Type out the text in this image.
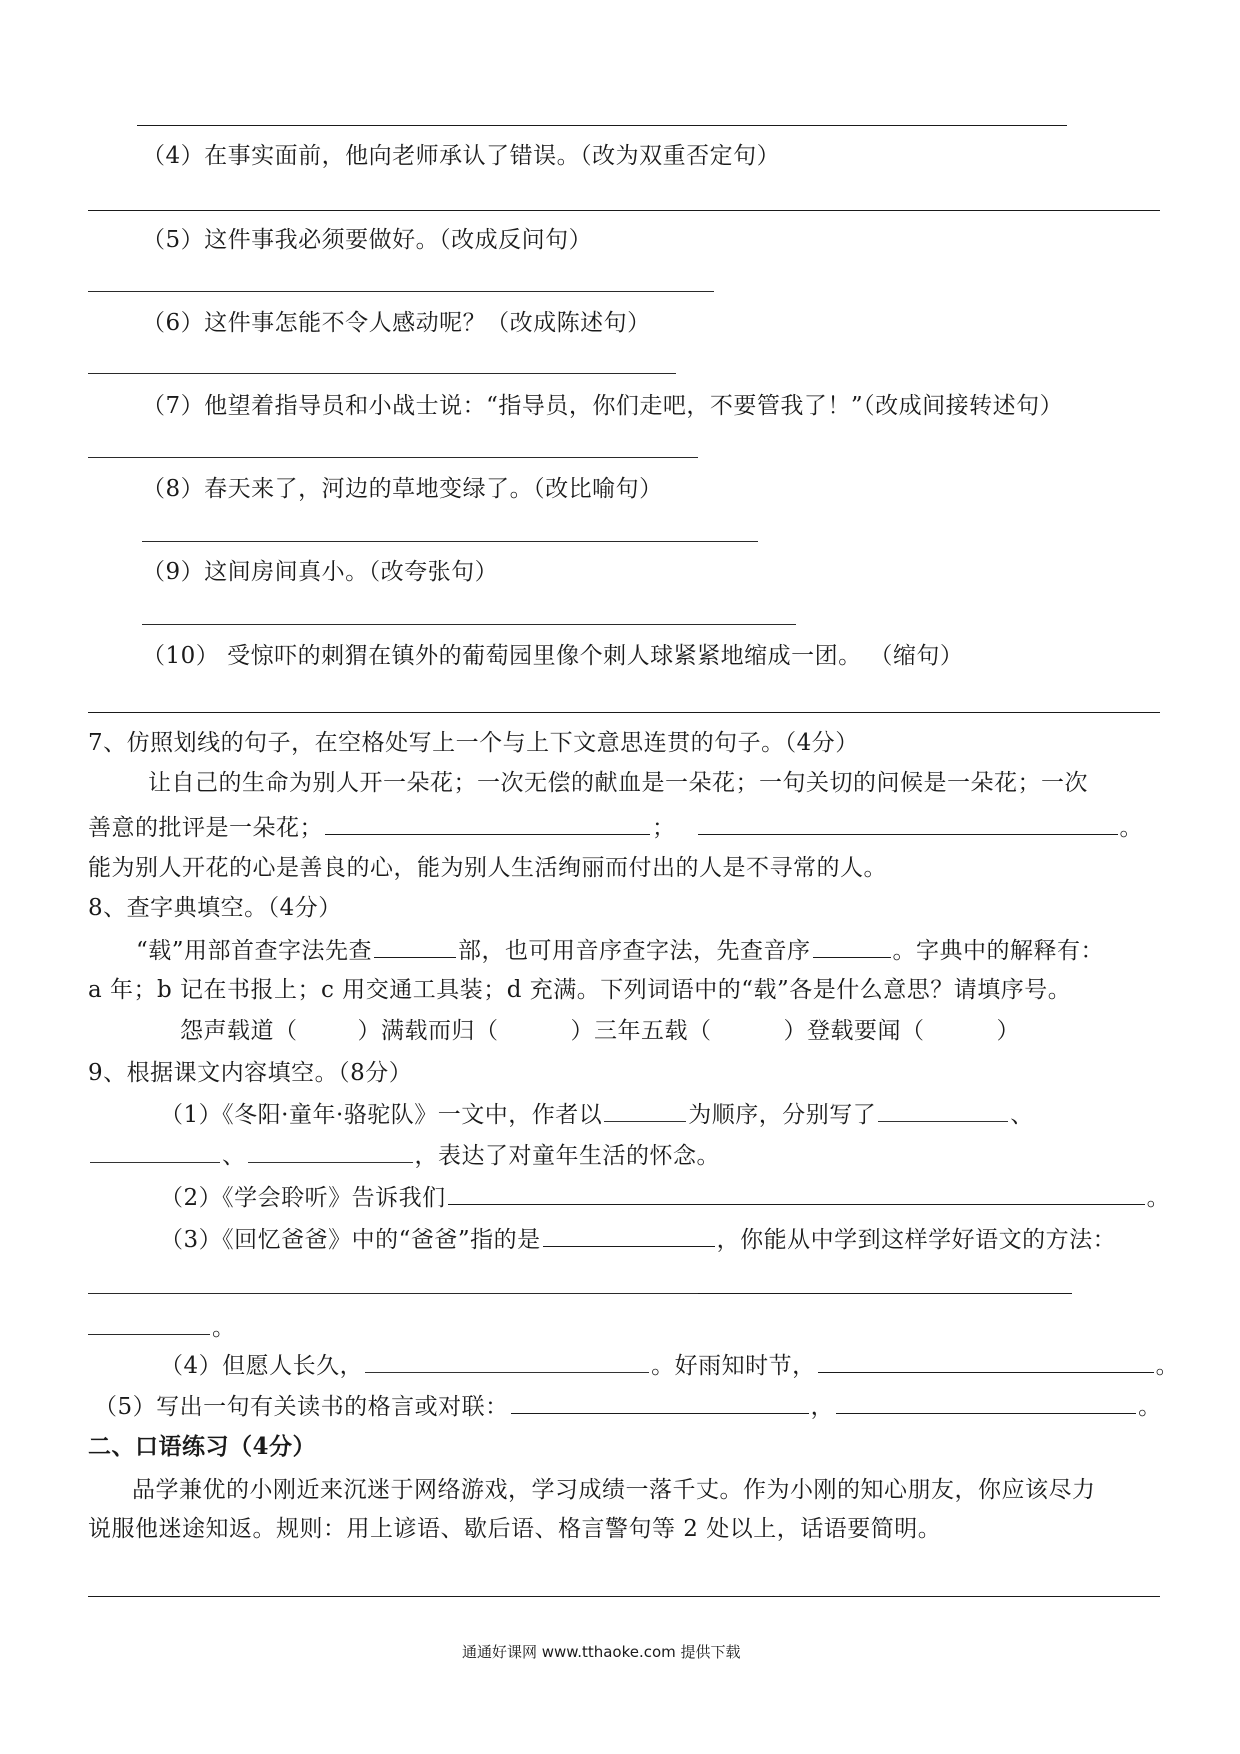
（4）在事实面前，他向老师承认了错误。（改为双重否定句）
（5）这件事我必须要做好。（改成反问句）
（6）这件事怎能不令人感动呢？（改成陈述句）
（7）他望着指导员和小战士说：“指导员，你们走吧，不要管我了！”（改成间接转述句）
（8）春天来了，河边的草地变绿了。（改比喻句）
（9）这间房间真小。（改夸张句）
（10） 受惊吓的刺猬在镇外的葡萄园里像个刺人球紧紧地缩成一团。 （缩句）
7、仿照划线的句子，在空格处写上一个与上下文意思连贯的句子。（4分）
让自己的生命为别人开一朵花；一次无偿的献血是一朵花；一句关切的问候是一朵花；一次
善意的批评是一朵花；	；	。
能为别人开花的心是善良的心，能为别人生活绚丽而付出的人是不寻常的人。
8、查字典填空。（4分）
“载”用部首查字法先查	部，也可用音序查字法，先查音序	。字典中的解释有：
a 年；b 记在书报上；c 用交通工具装；d 充满。下列词语中的“载”各是什么意思？请填序号。
怨声载道（	）满载而归（	）三年五载（	）登载要闻（	）
9、根据课文内容填空。（8分）
（1）《冬阳·童年·骆驼队》一文中，作者以	为顺序，分别写了	、
、	，表达了对童年生活的怀念。
（2）《学会聆听》告诉我们	。
（3）《回忆爸爸》中的“爸爸”指的是	，你能从中学到这样学好语文的方法：
。
（4）但愿人长久，	。好雨知时节，	。
（5）写出一句有关读书的格言或对联：	，	。
二、口语练习（4分）
品学兼优的小刚近来沉迷于网络游戏，学习成绩一落千丈。作为小刚的知心朋友，你应该尽力
说服他迷途知返。规则：用上谚语、歇后语、格言警句等 2 处以上，话语要简明。
通通好课网 www.tthaoke.com 提供下载
